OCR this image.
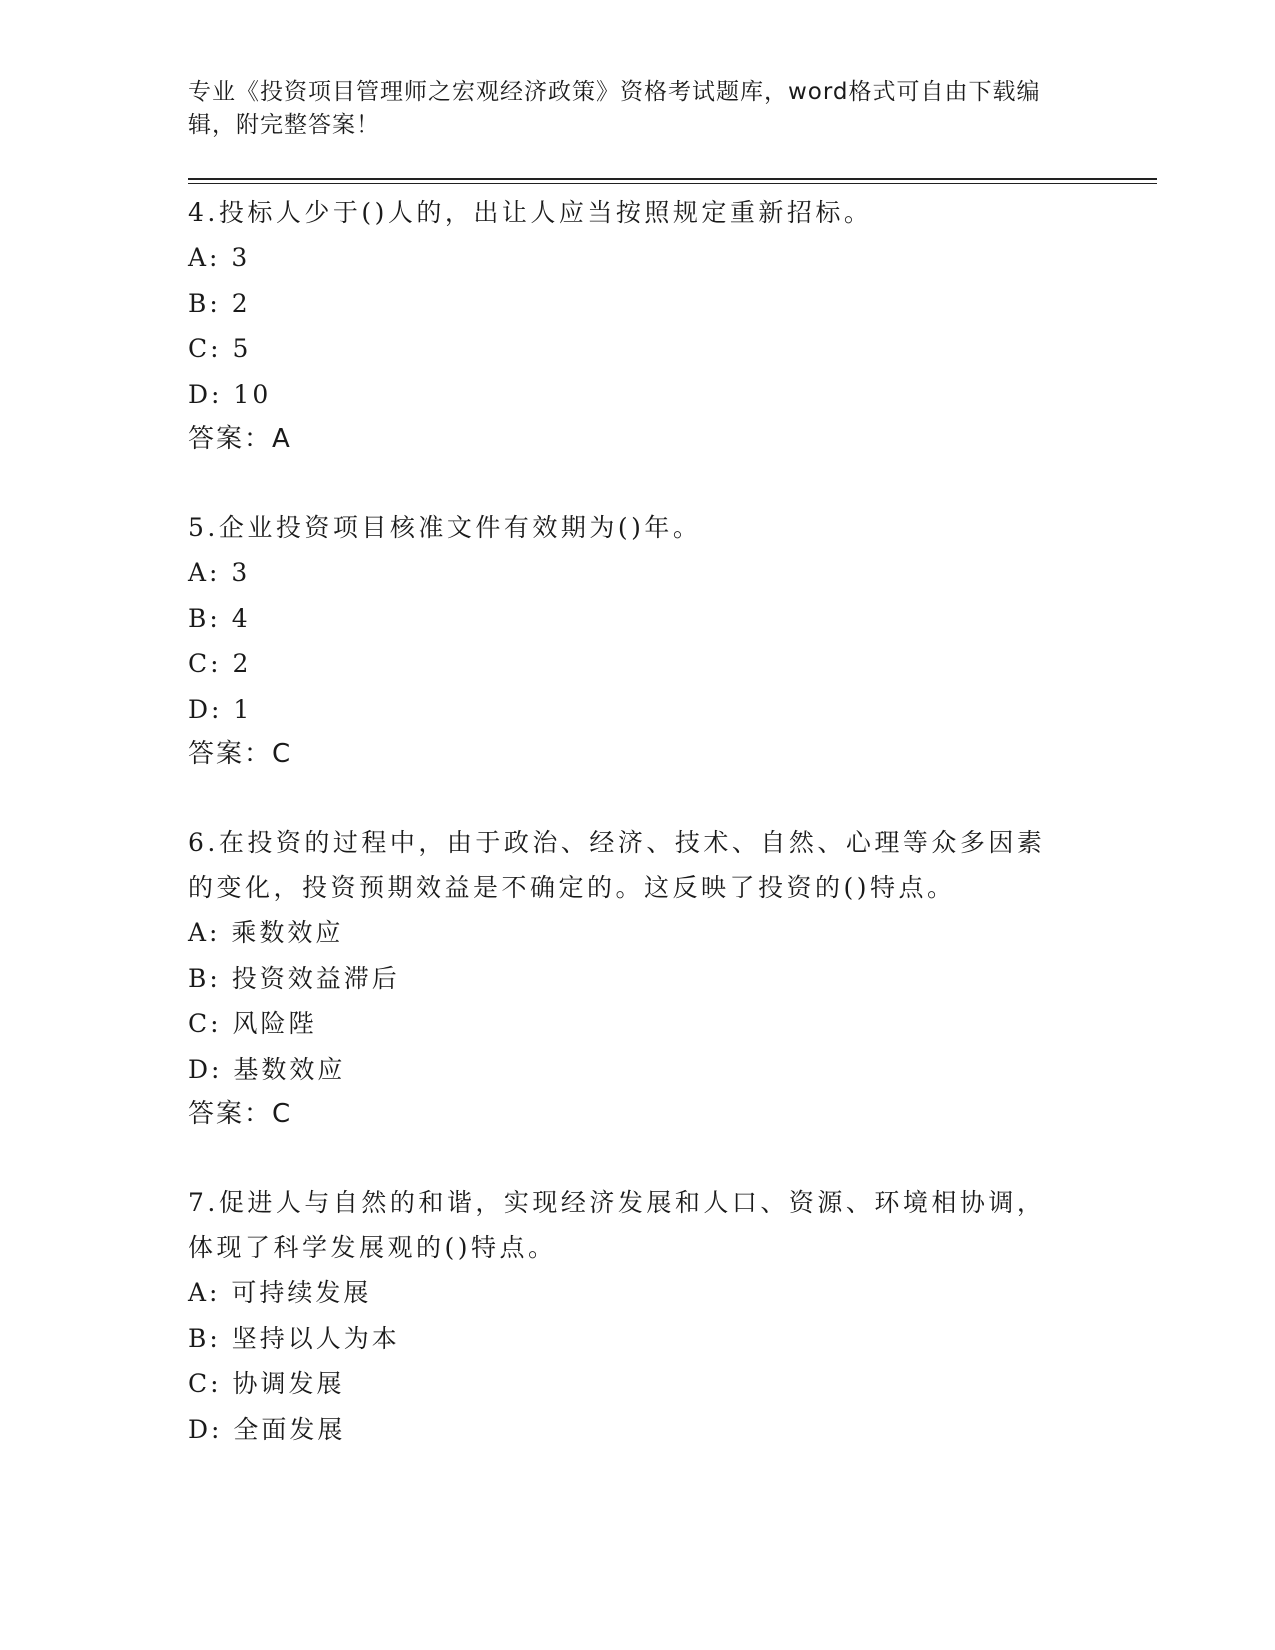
专业《投资项目管理师之宏观经济政策》资格考试题库，word格式可自由下载编辑，附完整答案！
4.投标人少于()人的，出让人应当按照规定重新招标。
A: 3
B: 2
C: 5
D: 10
答案：A
5.企业投资项目核准文件有效期为()年。
A: 3
B: 4
C: 2
D: 1
答案：C
6.在投资的过程中，由于政治、经济、技术、自然、心理等众多因素的变化，投资预期效益是不确定的。这反映了投资的()特点。
A: 乘数效应
B: 投资效益滞后
C: 风险陛
D: 基数效应
答案：C
7.促进人与自然的和谐，实现经济发展和人口、资源、环境相协调，体现了科学发展观的()特点。
A: 可持续发展
B: 坚持以人为本
C: 协调发展
D: 全面发展
